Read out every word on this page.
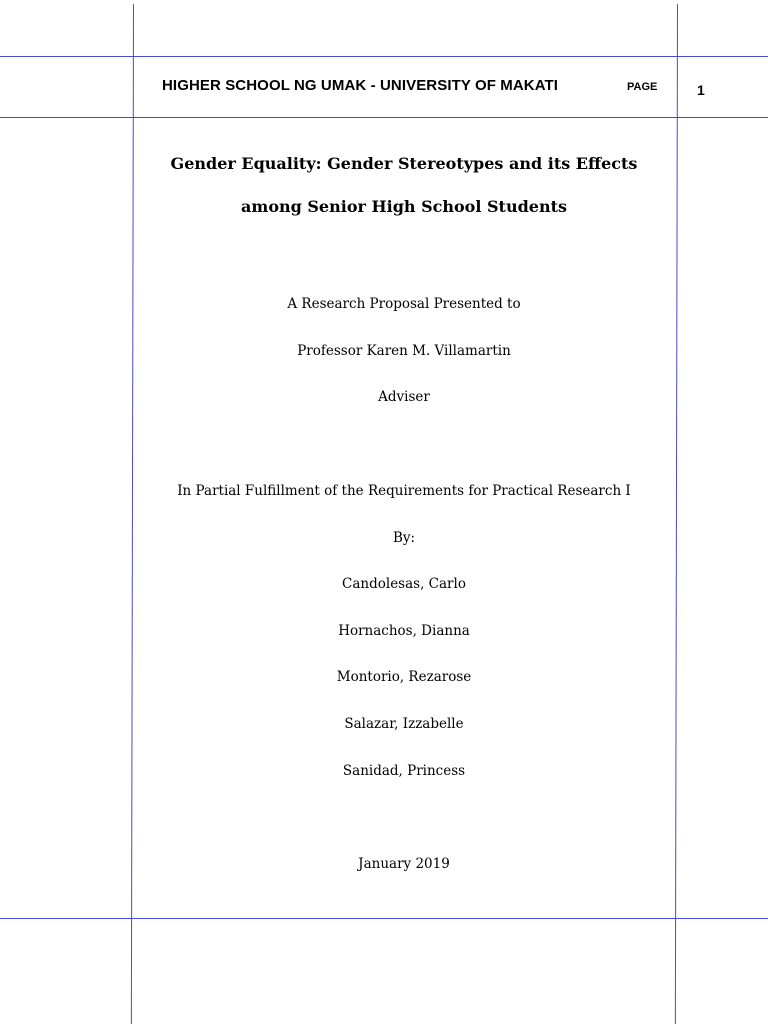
HIGHER SCHOOL NG UMAK - UNIVERSITY OF MAKATI	PAGE	1
Gender Equality: Gender Stereotypes and its Effects
among Senior High School Students
A Research Proposal Presented to
Professor Karen M. Villamartin
Adviser
In Partial Fulfillment of the Requirements for Practical Research I
By:
Candolesas, Carlo
Hornachos, Dianna
Montorio, Rezarose
Salazar, Izzabelle
Sanidad, Princess
January 2019
